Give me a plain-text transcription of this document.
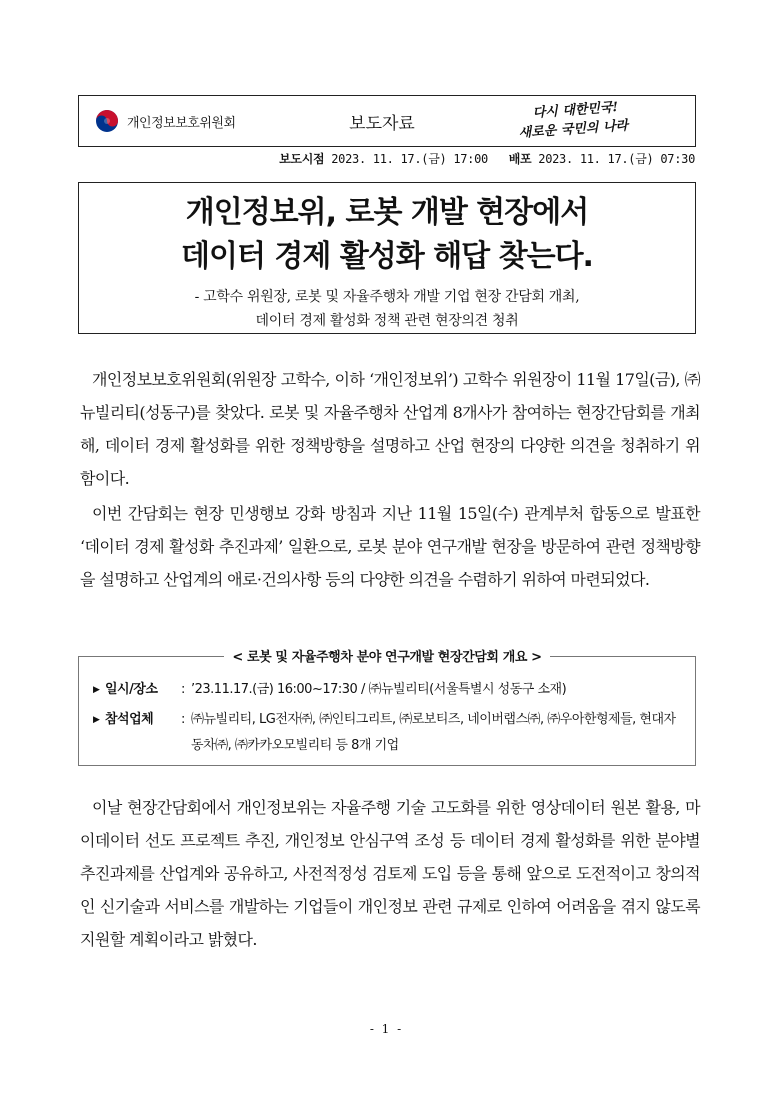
개인정보보호위원회	보도자료
다시 대한민국!
새로운 국민의 나라
보도시점 2023. 11. 17.(금) 17:00 배포 2023. 11. 17.(금) 07:30
개인정보위, 로봇 개발 현장에서
데이터 경제 활성화 해답 찾는다.
- 고학수 위원장, 로봇 및 자율주행차 개발 기업 현장 간담회 개최,
데이터 경제 활성화 정책 관련 현장의견 청취

개인정보보호위원회(위원장 고학수, 이하 ‘개인정보위’) 고학수 위원장이 11월 17일(금), ㈜뉴빌리티(성동구)를 찾았다. 로봇 및 자율주행차 산업계 8개사가 참여하는 현장간담회를 개최해, 데이터 경제 활성화를 위한 정책방향을 설명하고 산업 현장의 다양한 의견을 청취하기 위함이다.

이번 간담회는 현장 민생행보 강화 방침과 지난 11월 15일(수) 관계부처 합동으로 발표한 ‘데이터 경제 활성화 추진과제’ 일환으로, 로봇 분야 연구개발 현장을 방문하여 관련 정책방향을 설명하고 산업계의 애로·건의사항 등의 다양한 의견을 수렴하기 위하여 마련되었다.

< 로봇 및 자율주행차 분야 연구개발 현장간담회 개요 >
▶ 일시/장소	: ’23.11.17.(금) 16:00~17:30 / ㈜뉴빌리티(서울특별시 성동구 소재)
▶ 참석업체	: ㈜뉴빌리티, LG전자㈜, ㈜인티그리트, ㈜로보티즈, 네이버랩스㈜, ㈜우아한형제들, 현대자동차㈜, ㈜카카오모빌리티 등 8개 기업

이날 현장간담회에서 개인정보위는 자율주행 기술 고도화를 위한 영상데이터 원본 활용, 마이데이터 선도 프로젝트 추진, 개인정보 안심구역 조성 등 데이터 경제 활성화를 위한 분야별 추진과제를 산업계와 공유하고, 사전적정성 검토제 도입 등을 통해 앞으로 도전적이고 창의적인 신기술과 서비스를 개발하는 기업들이 개인정보 관련 규제로 인하여 어려움을 겪지 않도록 지원할 계획이라고 밝혔다.

- 1 -
